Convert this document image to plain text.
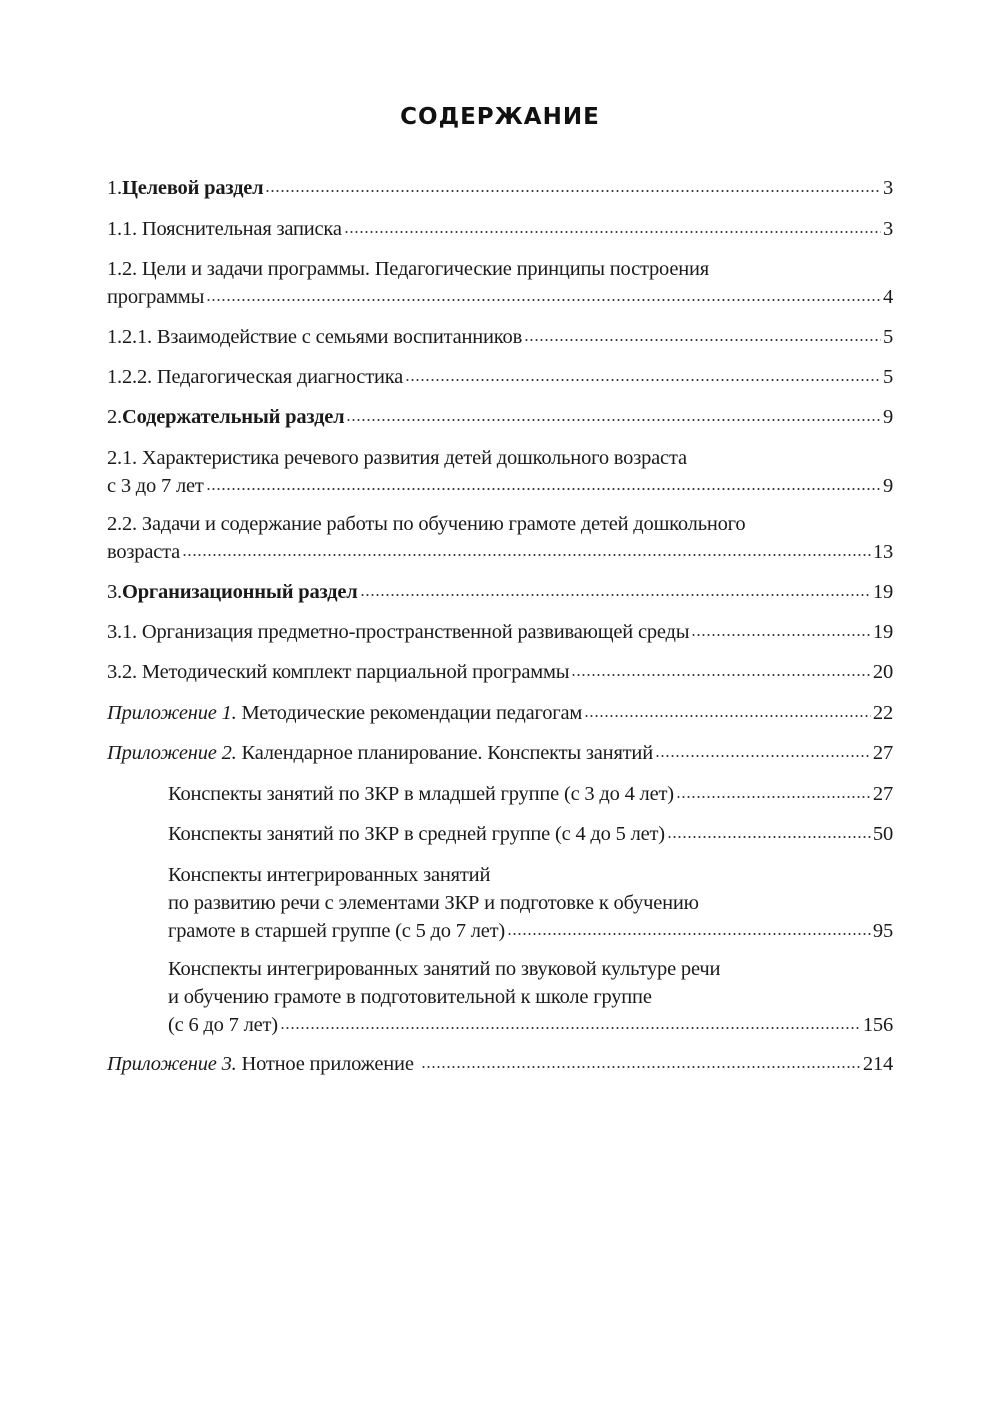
СОДЕРЖАНИЕ
1. Целевой раздел	3
1.1. Пояснительная записка	3
1.2. Цели и задачи программы. Педагогические принципы построения
программы	4
1.2.1. Взаимодействие с семьями воспитанников	5
1.2.2. Педагогическая диагностика	5
2. Содержательный раздел	9
2.1. Характеристика речевого развития детей дошкольного возраста
с 3 до 7 лет	9
2.2. Задачи и содержание работы по обучению грамоте детей дошкольного
возраста	13
3. Организационный раздел	19
3.1. Организация предметно-пространственной развивающей среды	19
3.2. Методический комплект парциальной программы	20
Приложение 1. Методические рекомендации педагогам	22
Приложение 2. Календарное планирование. Конспекты занятий	27
Конспекты занятий по ЗКР в младшей группе (с 3 до 4 лет)	27
Конспекты занятий по ЗКР в средней группе (с 4 до 5 лет)	50
Конспекты интегрированных занятий
по развитию речи с элементами ЗКР и подготовке к обучению
грамоте в старшей группе (с 5 до 7 лет)	95
Конспекты интегрированных занятий по звуковой культуре речи
и обучению грамоте в подготовительной к школе группе
(с 6 до 7 лет)	156
Приложение 3. Нотное приложение	214
